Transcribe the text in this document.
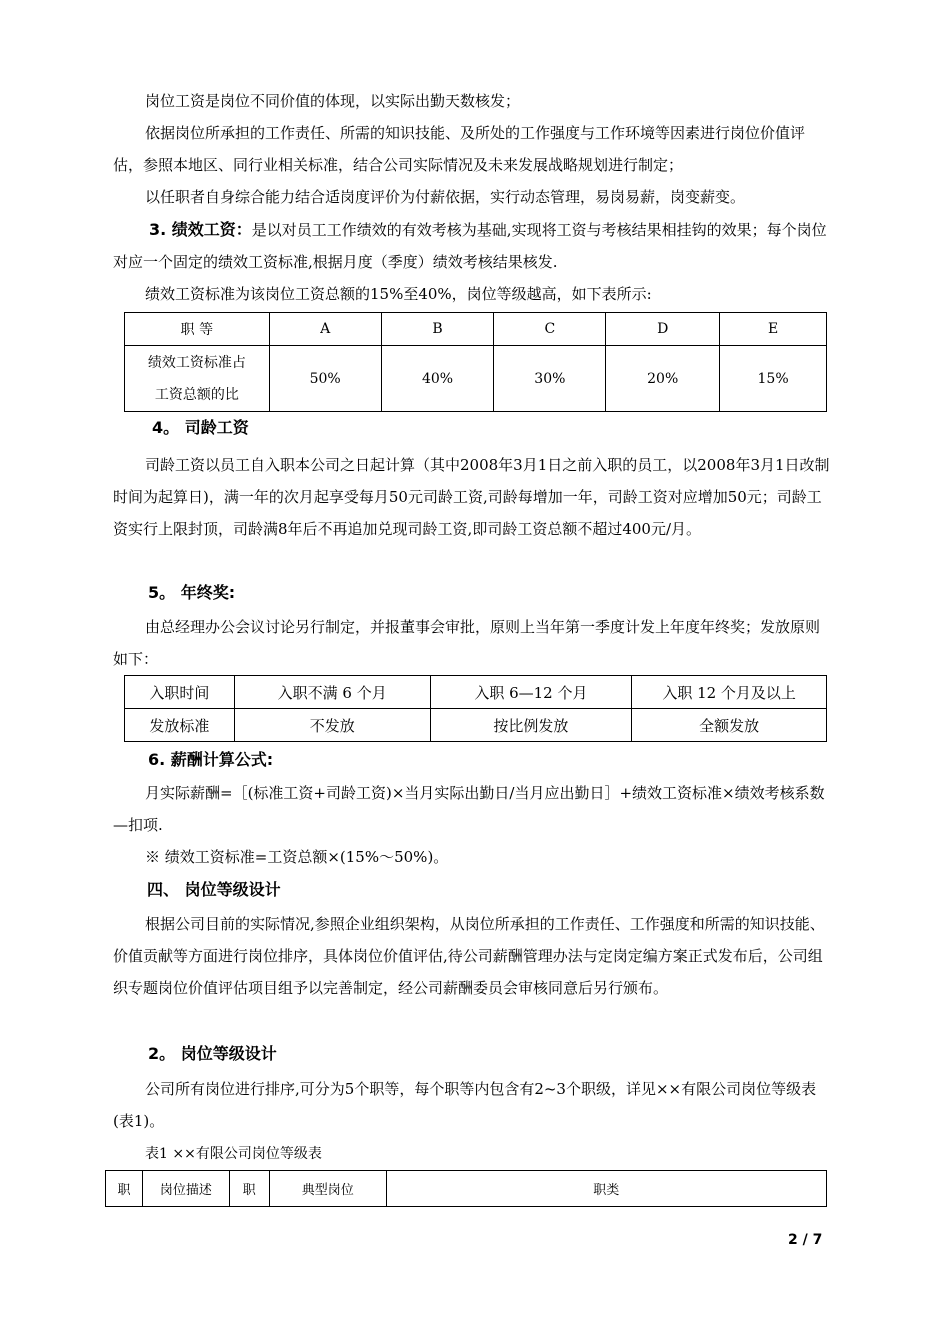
岗位工资是岗位不同价值的体现，以实际出勤天数核发；

依据岗位所承担的工作责任、所需的知识技能、及所处的工作强度与工作环境等因素进行岗位价值评估，参照本地区、同行业相关标准，结合公司实际情况及未来发展战略规划进行制定；

以任职者自身综合能力结合适岗度评价为付薪依据，实行动态管理，易岗易薪，岗变薪变。

3. 绩效工资：是以对员工工作绩效的有效考核为基础,实现将工资与考核结果相挂钩的效果；每个岗位对应一个固定的绩效工资标准,根据月度（季度）绩效考核结果核发.

绩效工资标准为该岗位工资总额的15%至40%，岗位等级越高，如下表所示:

职 等	A	B	C	D	E

绩效工资标准占
工资总额的比	50%	40%	30%	20%	15%
4。 司龄工资

司龄工资以员工自入职本公司之日起计算（其中2008年3月1日之前入职的员工，以2008年3月1日改制时间为起算日)，满一年的次月起享受每月50元司龄工资,司龄每增加一年，司龄工资对应增加50元；司龄工资实行上限封顶，司龄满8年后不再追加兑现司龄工资,即司龄工资总额不超过400元/月。

5。 年终奖:

由总经理办公会议讨论另行制定，并报董事会审批，原则上当年第一季度计发上年度年终奖；发放原则如下：

入职时间	入职不满 6 个月	入职 6—12 个月	入职 12 个月及以上
发放标准	不发放	按比例发放	全额发放
6. 薪酬计算公式:

月实际薪酬=［(标准工资+司龄工资)×当月实际出勤日/当月应出勤日］+绩效工资标准×绩效考核系数—扣项.

※ 绩效工资标准=工资总额×(15%～50%)。

四、 岗位等级设计

根据公司目前的实际情况,参照企业组织架构，从岗位所承担的工作责任、工作强度和所需的知识技能、价值贡献等方面进行岗位排序，具体岗位价值评估,待公司薪酬管理办法与定岗定编方案正式发布后，公司组织专题岗位价值评估项目组予以完善制定，经公司薪酬委员会审核同意后另行颁布。

2。 岗位等级设计

公司所有岗位进行排序,可分为5个职等，每个职等内包含有2~3个职级，详见××有限公司岗位等级表(表1)。

表1 ××有限公司岗位等级表

职	岗位描述	职	典型岗位	职类
2 / 7
